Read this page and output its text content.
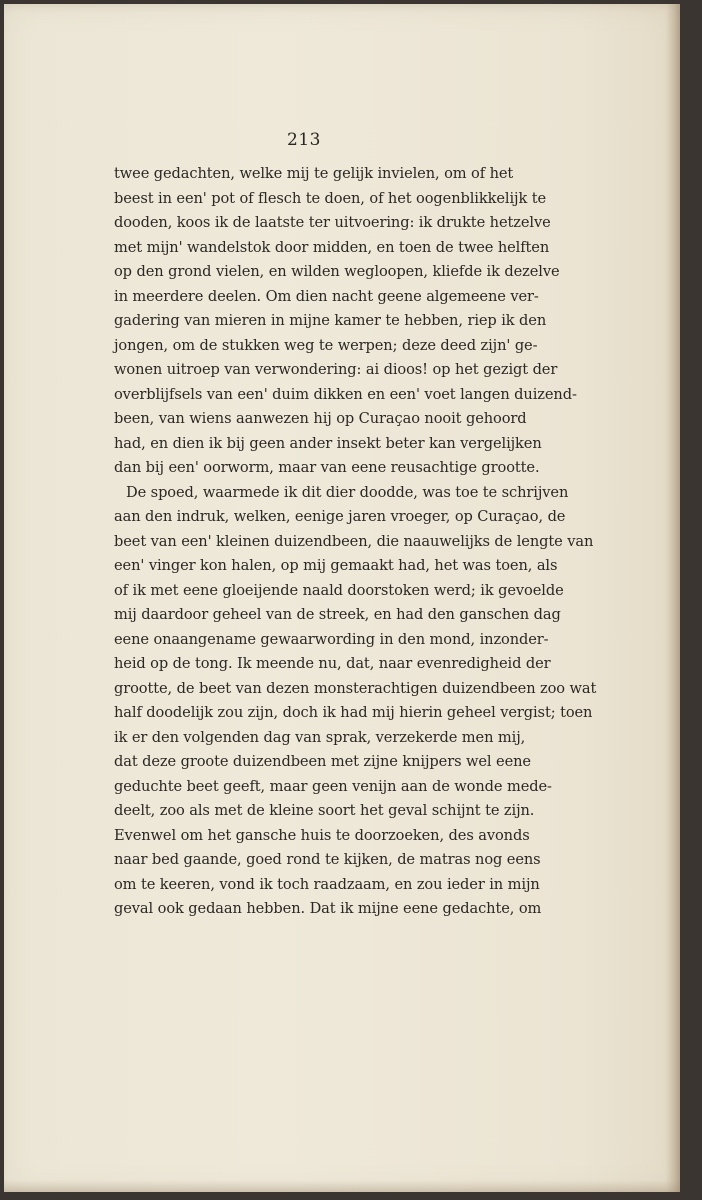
213
twee gedachten, welke mij te gelijk invielen, om of het
beest in een' pot of flesch te doen, of het oogenblikkelijk te
dooden, koos ik de laatste ter uitvoering: ik drukte hetzelve
met mijn' wandelstok door midden, en toen de twee helften
op den grond vielen, en wilden wegloopen, kliefde ik dezelve
in meerdere deelen. Om dien nacht geene algemeene ver-
gadering van mieren in mijne kamer te hebben, riep ik den
jongen, om de stukken weg te werpen; deze deed zijn' ge-
wonen uitroep van verwondering: ai dioos! op het gezigt der
overblijfsels van een' duim dikken en een' voet langen duizend-
been, van wiens aanwezen hij op Curaçao nooit gehoord
had, en dien ik bij geen ander insekt beter kan vergelijken
dan bij een' oorworm, maar van eene reusachtige grootte.
De spoed, waarmede ik dit dier doodde, was toe te schrijven
aan den indruk, welken, eenige jaren vroeger, op Curaçao, de
beet van een' kleinen duizendbeen, die naauwelijks de lengte van
een' vinger kon halen, op mij gemaakt had, het was toen, als
of ik met eene gloeijende naald doorstoken werd; ik gevoelde
mij daardoor geheel van de streek, en had den ganschen dag
eene onaangename gewaarwording in den mond, inzonder-
heid op de tong. Ik meende nu, dat, naar evenredigheid der
grootte, de beet van dezen monsterachtigen duizendbeen zoo wat
half doodelijk zou zijn, doch ik had mij hierin geheel vergist; toen
ik er den volgenden dag van sprak, verzekerde men mij,
dat deze groote duizendbeen met zijne knijpers wel eene
geduchte beet geeft, maar geen venijn aan de wonde mede-
deelt, zoo als met de kleine soort het geval schijnt te zijn.
Evenwel om het gansche huis te doorzoeken, des avonds
naar bed gaande, goed rond te kijken, de matras nog eens
om te keeren, vond ik toch raadzaam, en zou ieder in mijn
geval ook gedaan hebben. Dat ik mijne eene gedachte, om
